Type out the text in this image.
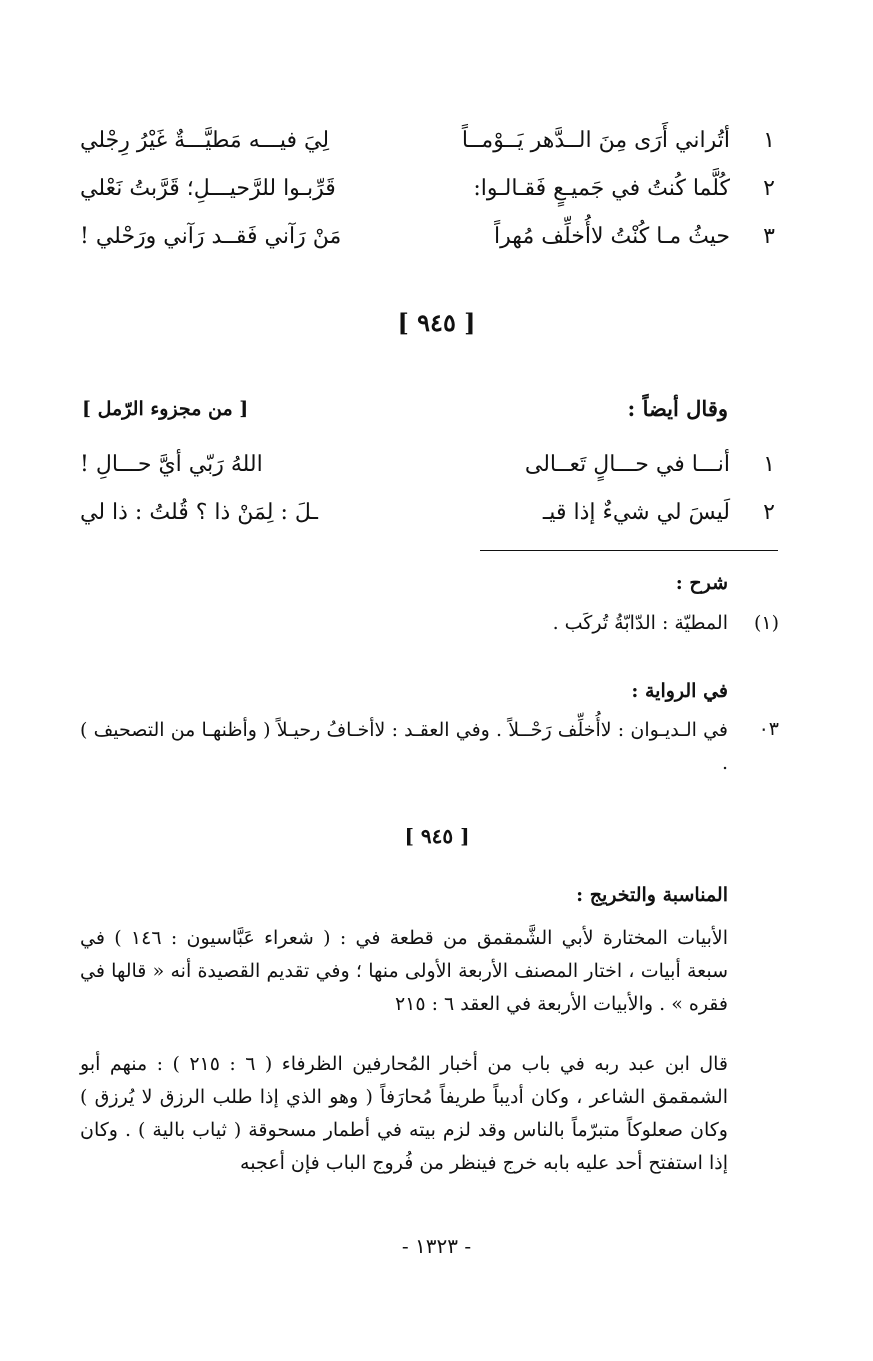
١
أتُراني أَرَى مِنَ الــدَّهر يَــوْمــاً
لِيَ فيـــه مَطيَّـــةٌ غَيْرُ رِجْلي
٢
كُلَّما كُنتُ في جَميـعٍ فَقـالـوا:
قَرِّبـوا للرَّحيـــلِ؛ قَرَّبتُ نَعْلي
٣
حيثُ مـا كُنْتُ لاأُخلِّف مُهراً
مَنْ رَآني فَقــد رَآني ورَحْلي !
[ ٩٤٥ ]
وقال أيضاً :
[ من مجزوء الرّمل ]
١
أنـــا في حـــالٍ تَعــالى
اللهُ رَبّي أيَّ حـــالِ !
٢
لَيسَ لي شيءٌ إذا قيـ
ـلَ : لِمَنْ ذا ؟ قُلتُ : ذا لي
شرح :
(١)
المطيّة : الدّابّةُ تُركَب .
في الرواية :
٠٣
في الـديـوان : لاأُخلِّف رَحْــلاً . وفي العقـد : لاأخـافُ رحيـلاً ( وأظنهـا من التصحيف ) .
[ ٩٤٥ ]
المناسبة والتخريج :
الأبيات المختارة لأبي الشَّمقمق من قطعة في : ( شعراء عَبَّاسيون : ١٤٦ ) في سبعة أبيات ، اختار المصنف الأربعة الأولى منها ؛ وفي تقديم القصيدة أنه « قالها في فقره » . والأبيات الأربعة في العقد ٦ : ٢١٥
قال ابن عبد ربه في باب من أخبار المُحارفين الظرفاء ( ٦ : ٢١٥ ) : منهم أبو الشمقمق الشاعر ، وكان أديباً طريفاً مُحارَفاً ( وهو الذي إذا طلب الرزق لا يُرزق ) وكان صعلوكاً متبرّماً بالناس وقد لزم بيته في أطمار مسحوقة ( ثياب بالية ) . وكان إذا استفتح أحد عليه بابه خرج فينظر من فُروج الباب فإن أعجبه
- ١٣٢٣ -
